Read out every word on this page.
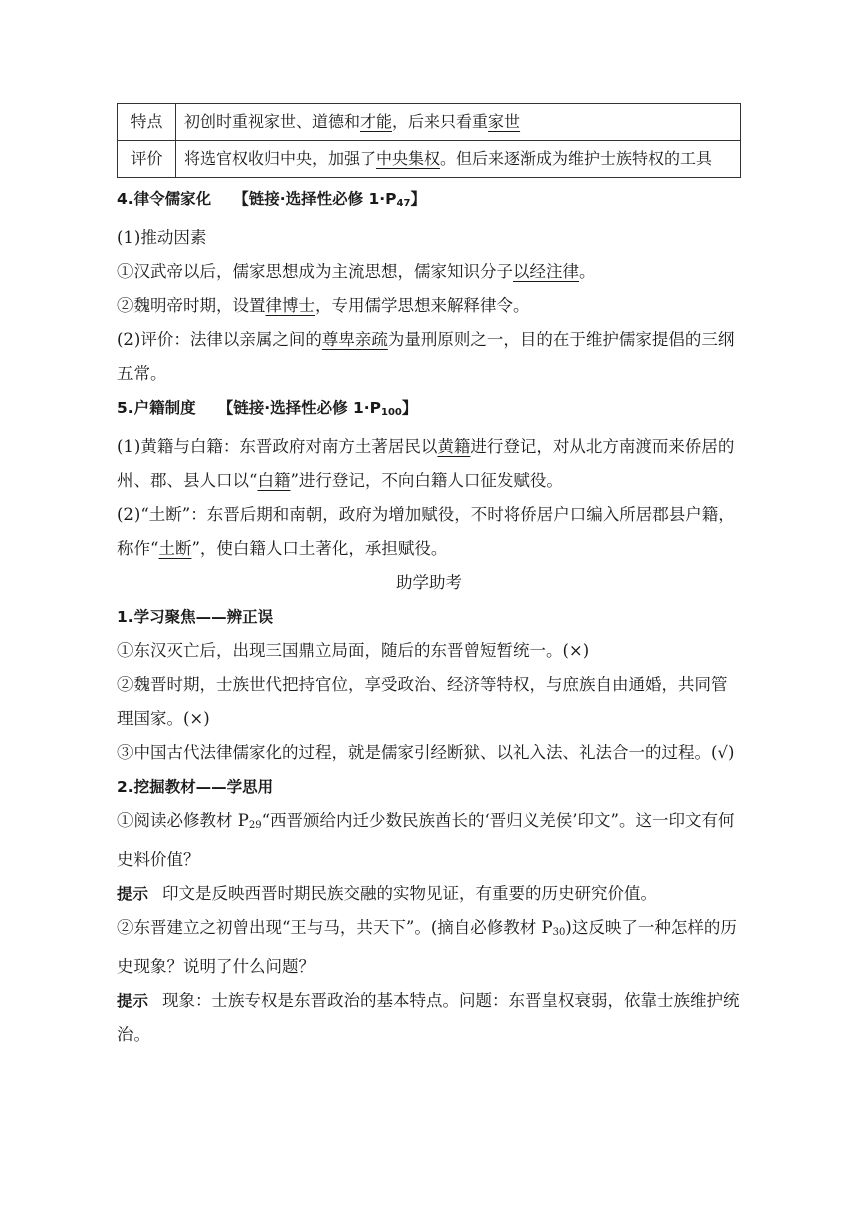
特点	初创时重视家世、道德和才能，后来只看重家世
评价	将选官权收归中央，加强了中央集权。但后来逐渐成为维护士族特权的工具

4.律令儒家化 【链接·选择性必修 $1\cdot P_{47}$】

(1)推动因素

①汉武帝以后，儒家思想成为主流思想，儒家知识分子以经注律。

②魏明帝时期，设置律博士，专用儒学思想来解释律令。

(2)评价：法律以亲属之间的尊卑亲疏为量刑原则之一，目的在于维护儒家提倡的三纲五常。

5.户籍制度 【链接·选择性必修 $1\cdot P_{100}$】

(1)黄籍与白籍：东晋政府对南方土著居民以黄籍进行登记，对从北方南渡而来侨居的州、郡、县人口以“白籍”进行登记，不向白籍人口征发赋役。

(2)“土断”：东晋后期和南朝，政府为增加赋役，不时将侨居户口编入所居郡县户籍，称作“土断”，使白籍人口土著化，承担赋役。

助学助考

1.学习聚焦——辨正误

①东汉灭亡后，出现三国鼎立局面，随后的东晋曾短暂统一。(×)

②魏晋时期，士族世代把持官位，享受政治、经济等特权，与庶族自由通婚，共同管理国家。(×)

③中国古代法律儒家化的过程，就是儒家引经断狱、以礼入法、礼法合一的过程。(√)

2.挖掘教材——学思用

①阅读必修教材 $P_{29}“$西晋颁给内迁少数民族酋长的‘晋归义羌侯’印文”。这一印文有何史料价值？

提示 印文是反映西晋时期民族交融的实物见证，有重要的历史研究价值。

②东晋建立之初曾出现“王与马，共天下”。(摘自必修教材 $P_{30}$)这反映了一种怎样的历史现象？说明了什么问题？

提示 现象：士族专权是东晋政治的基本特点。问题：东晋皇权衰弱，依靠士族维护统治。
